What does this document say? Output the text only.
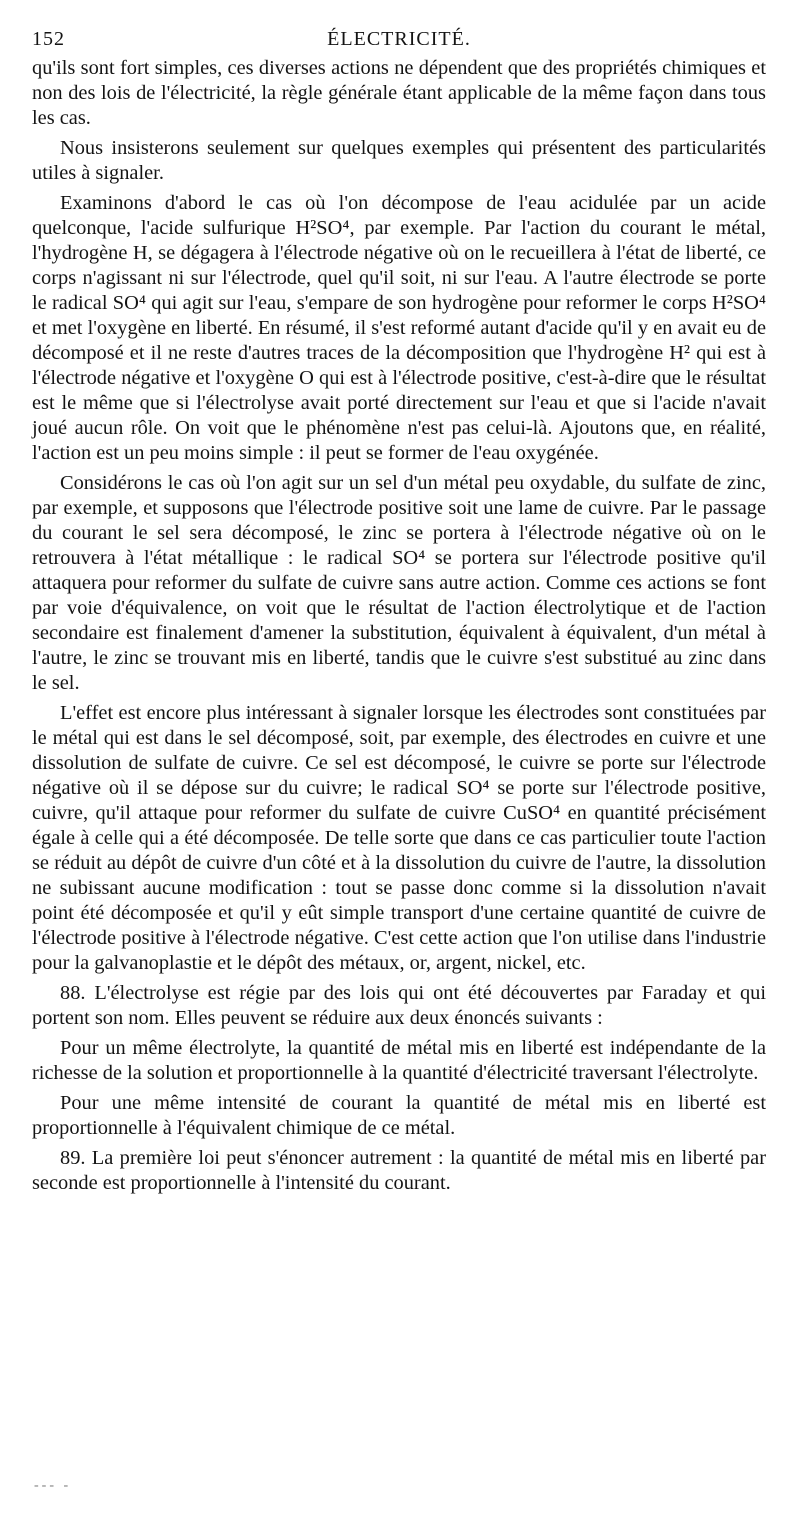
152	ÉLECTRICITÉ.

qu'ils sont fort simples, ces diverses actions ne dépendent que des propriétés chimiques et non des lois de l'électricité, la règle générale étant applicable de la même façon dans tous les cas.

Nous insisterons seulement sur quelques exemples qui présentent des particularités utiles à signaler.

Examinons d'abord le cas où l'on décompose de l'eau acidulée par un acide quelconque, l'acide sulfurique H²SO⁴, par exemple. Par l'action du courant le métal, l'hydrogène H, se dégagera à l'électrode négative où on le recueillera à l'état de liberté, ce corps n'agissant ni sur l'électrode, quel qu'il soit, ni sur l'eau. A l'autre électrode se porte le radical SO⁴ qui agit sur l'eau, s'empare de son hydrogène pour reformer le corps H²SO⁴ et met l'oxygène en liberté. En résumé, il s'est reformé autant d'acide qu'il y en avait eu de décomposé et il ne reste d'autres traces de la décomposition que l'hydrogène H² qui est à l'électrode négative et l'oxygène O qui est à l'électrode positive, c'est-à-dire que le résultat est le même que si l'électrolyse avait porté directement sur l'eau et que si l'acide n'avait joué aucun rôle. On voit que le phénomène n'est pas celui-là. Ajoutons que, en réalité, l'action est un peu moins simple : il peut se former de l'eau oxygénée.

Considérons le cas où l'on agit sur un sel d'un métal peu oxydable, du sulfate de zinc, par exemple, et supposons que l'électrode positive soit une lame de cuivre. Par le passage du courant le sel sera décomposé, le zinc se portera à l'électrode négative où on le retrouvera à l'état métallique : le radical SO⁴ se portera sur l'électrode positive qu'il attaquera pour reformer du sulfate de cuivre sans autre action. Comme ces actions se font par voie d'équivalence, on voit que le résultat de l'action électrolytique et de l'action secondaire est finalement d'amener la substitution, équivalent à équivalent, d'un métal à l'autre, le zinc se trouvant mis en liberté, tandis que le cuivre s'est substitué au zinc dans le sel.

L'effet est encore plus intéressant à signaler lorsque les électrodes sont constituées par le métal qui est dans le sel décomposé, soit, par exemple, des électrodes en cuivre et une dissolution de sulfate de cuivre. Ce sel est décomposé, le cuivre se porte sur l'électrode négative où il se dépose sur du cuivre; le radical SO⁴ se porte sur l'électrode positive, cuivre, qu'il attaque pour reformer du sulfate de cuivre CuSO⁴ en quantité précisément égale à celle qui a été décomposée. De telle sorte que dans ce cas particulier toute l'action se réduit au dépôt de cuivre d'un côté et à la dissolution du cuivre de l'autre, la dissolution ne subissant aucune modification : tout se passe donc comme si la dissolution n'avait point été décomposée et qu'il y eût simple transport d'une certaine quantité de cuivre de l'électrode positive à l'électrode négative. C'est cette action que l'on utilise dans l'industrie pour la galvanoplastie et le dépôt des métaux, or, argent, nickel, etc.

88. L'électrolyse est régie par des lois qui ont été découvertes par Faraday et qui portent son nom. Elles peuvent se réduire aux deux énoncés suivants :

Pour un même électrolyte, la quantité de métal mis en liberté est indépendante de la richesse de la solution et proportionnelle à la quantité d'électricité traversant l'électrolyte.

Pour une même intensité de courant la quantité de métal mis en liberté est proportionnelle à l'équivalent chimique de ce métal.

89. La première loi peut s'énoncer autrement : la quantité de métal mis en liberté par seconde est proportionnelle à l'intensité du courant.

--- -
